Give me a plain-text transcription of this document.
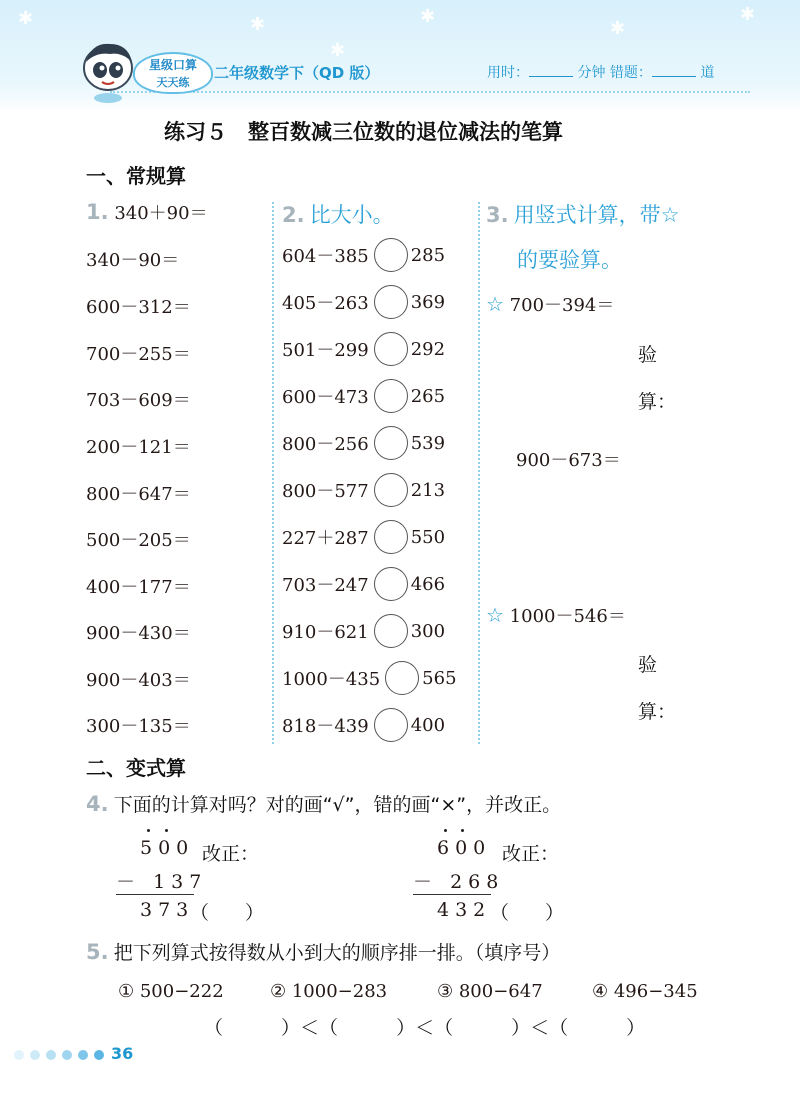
✱	✱	✱
✱
✱
✱
星级口算
天天练
二年级数学下（QD 版）	用时：	分钟 错题：	道
练习５　整百数减三位数的退位减法的笔算
一、常规算
1. 340＋90＝
340－90＝
600－312＝
700－255＝
703－609＝
200－121＝
800－647＝
500－205＝
400－177＝
900－430＝
900－403＝
300－135＝
2. 比大小。
604－385 285
405－263 369
501－299 292
600－473 265
800－256 539
800－577 213
227＋287 550
703－247 466
910－621 300
1000－435 565
818－439 400
3. 用竖式计算，带☆
的要验算。
☆ 700－394＝
验
算：
900－673＝
☆ 1000－546＝
验
算：
二、变式算
4. 下面的计算对吗？对的画“√”，错的画“×”，并改正。
500 改正：
－ 137
373
（ ）
600 改正：
－ 268
432
（ ）
5. 把下列算式按得数从小到大的顺序排一排。（填序号）
① 500−222	② 1000−283	③ 800−647	④ 496−345
（	）＜（	）＜（	）＜（	）
36
